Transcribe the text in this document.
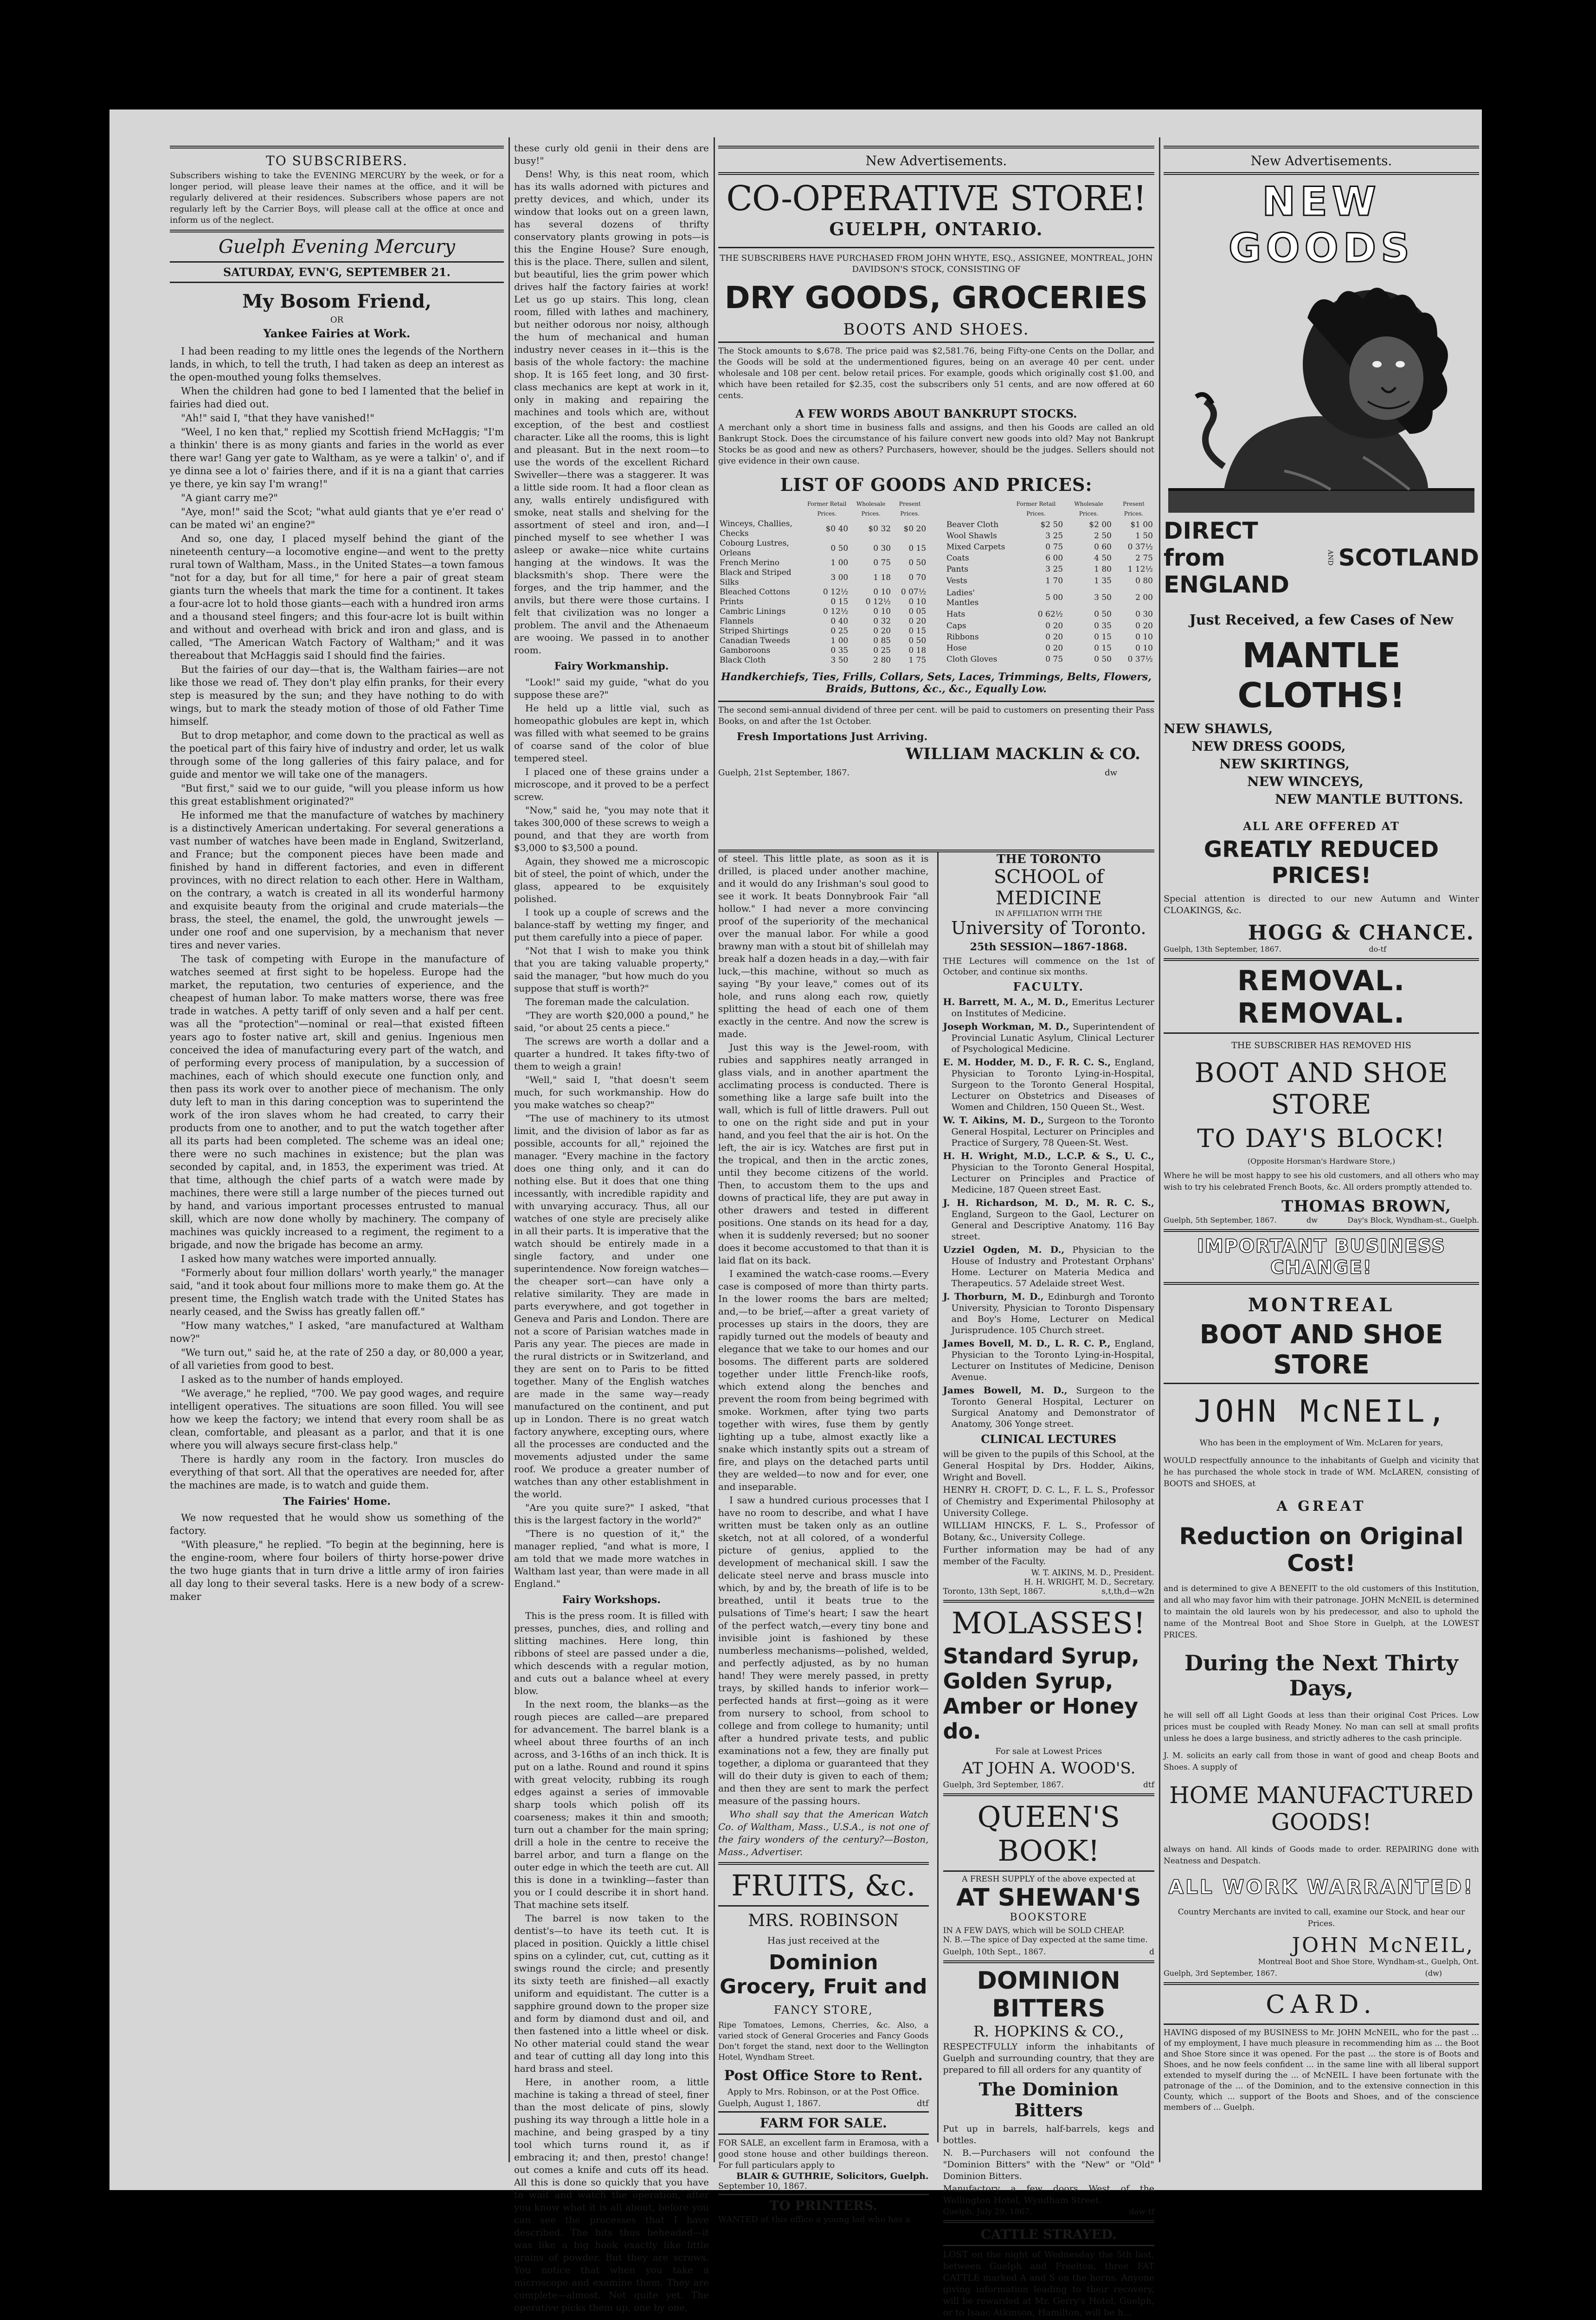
TO SUBSCRIBERS.

Subscribers wishing to take the EVENING MERCURY by the week, or for a longer period, will please leave their names at the office, and it will be regularly delivered at their residences. Subscribers whose papers are not regularly left by the Carrier Boys, will please call at the office at once and inform us of the neglect.

Guelph Evening Mercury
SATURDAY, EVN'G, SEPTEMBER 21.
My Bosom Friend,
OR
Yankee Fairies at Work.

I had been reading to my little ones the legends of the Northern lands, in which, to tell the truth, I had taken as deep an interest as the open-mouthed young folks themselves.

When the children had gone to bed I lamented that the belief in fairies had died out.

"Ah!" said I, "that they have vanished!"

"Weel, I no ken that," replied my Scottish friend McHaggis; "I'm a thinkin' there is as mony giants and faries in the world as ever there war! Gang yer gate to Waltham, as ye were a talkin' o', and if ye dinna see a lot o' fairies there, and if it is na a giant that carries ye there, ye kin say I'm wrang!"

"A giant carry me?"

"Aye, mon!" said the Scot; "what auld giants that ye e'er read o' can be mated wi' an engine?"

And so, one day, I placed myself behind the giant of the nineteenth century—a locomotive engine—and went to the pretty rural town of Waltham, Mass., in the United States—a town famous "not for a day, but for all time," for here a pair of great steam giants turn the wheels that mark the time for a continent. It takes a four-acre lot to hold those giants—each with a hundred iron arms and a thousand steel fingers; and this four-acre lot is built within and without and overhead with brick and iron and glass, and is called, "The American Watch Factory of Waltham;" and it was thereabout that McHaggis said I should find the fairies.

But the fairies of our day—that is, the Waltham fairies—are not like those we read of. They don't play elfin pranks, for their every step is measured by the sun; and they have nothing to do with wings, but to mark the steady motion of those of old Father Time himself.

But to drop metaphor, and come down to the practical as well as the poetical part of this fairy hive of industry and order, let us walk through some of the long galleries of this fairy palace, and for guide and mentor we will take one of the managers.

"But first," said we to our guide, "will you please inform us how this great establishment originated?"

He informed me that the manufacture of watches by machinery is a distinctively American undertaking. For several generations a vast number of watches have been made in England, Switzerland, and France; but the component pieces have been made and finished by hand in different factories, and even in different provinces, with no direct relation to each other. Here in Waltham, on the contrary, a watch is created in all its wonderful harmony and exquisite beauty from the original and crude materials—the brass, the steel, the enamel, the gold, the unwrought jewels —under one roof and one supervision, by a mechanism that never tires and never varies.

The task of competing with Europe in the manufacture of watches seemed at first sight to be hopeless. Europe had the market, the reputation, two centuries of experience, and the cheapest of human labor. To make matters worse, there was free trade in watches. A petty tariff of only seven and a half per cent. was all the "protection"—nominal or real—that existed fifteen years ago to foster native art, skill and genius. Ingenious men conceived the idea of manufacturing every part of the watch, and of performing every process of manipulation, by a succession of machines, each of which should execute one function only, and then pass its work over to another piece of mechanism. The only duty left to man in this daring conception was to superintend the work of the iron slaves whom he had created, to carry their products from one to another, and to put the watch together after all its parts had been completed. The scheme was an ideal one; there were no such machines in existence; but the plan was seconded by capital, and, in 1853, the experiment was tried. At that time, although the chief parts of a watch were made by machines, there were still a large number of the pieces turned out by hand, and various important processes entrusted to manual skill, which are now done wholly by machinery. The company of machines was quickly increased to a regiment, the regiment to a brigade, and now the brigade has become an army.

I asked how many watches were imported annually.

"Formerly about four million dollars' worth yearly," the manager said, "and it took about four millions more to make them go. At the present time, the English watch trade with the United States has nearly ceased, and the Swiss has greatly fallen off."

"How many watches," I asked, "are manufactured at Waltham now?"

"We turn out," said he, at the rate of 250 a day, or 80,000 a year, of all varieties from good to best.

I asked as to the number of hands employed.

"We average," he replied, "700. We pay good wages, and require intelligent operatives. The situations are soon filled. You will see how we keep the factory; we intend that every room shall be as clean, comfortable, and pleasant as a parlor, and that it is one where you will always secure first-class help."

There is hardly any room in the factory. Iron muscles do everything of that sort. All that the operatives are needed for, after the machines are made, is to watch and guide them.

The Fairies' Home.

We now requested that he would show us something of the factory.

"With pleasure," he replied. "To begin at the beginning, here is the engine-room, where four boilers of thirty horse-power drive the two huge giants that in turn drive a little army of iron fairies all day long to their several tasks. Here is a new body of a screw-maker

these curly old genii in their dens are busy!"

Dens! Why, is this neat room, which has its walls adorned with pictures and pretty devices, and which, under its window that looks out on a green lawn, has several dozens of thrifty conservatory plants growing in pots—is this the Engine House? Sure enough, this is the place. There, sullen and silent, but beautiful, lies the grim power which drives half the factory fairies at work! Let us go up stairs. This long, clean room, filled with lathes and machinery, but neither odorous nor noisy, although the hum of mechanical and human industry never ceases in it—this is the basis of the whole factory: the machine shop. It is 165 feet long, and 30 first-class mechanics are kept at work in it, only in making and repairing the machines and tools which are, without exception, of the best and costliest character. Like all the rooms, this is light and pleasant. But in the next room—to use the words of the excellent Richard Swiveller—there was a staggerer. It was a little side room. It had a floor clean as any, walls entirely undisfigured with smoke, neat stalls and shelving for the assortment of steel and iron, and—I pinched myself to see whether I was asleep or awake—nice white curtains hanging at the windows. It was the blacksmith's shop. There were the forges, and the trip hammer, and the anvils, but there were those curtains. I felt that civilization was no longer a problem. The anvil and the Athenaeum are wooing. We passed in to another room.

Fairy Workmanship.

"Look!" said my guide, "what do you suppose these are?"

He held up a little vial, such as homeopathic globules are kept in, which was filled with what seemed to be grains of coarse sand of the color of blue tempered steel.

I placed one of these grains under a microscope, and it proved to be a perfect screw.

"Now," said he, "you may note that it takes 300,000 of these screws to weigh a pound, and that they are worth from $3,000 to $3,500 a pound.

Again, they showed me a microscopic bit of steel, the point of which, under the glass, appeared to be exquisitely polished.

I took up a couple of screws and the balance-staff by wetting my finger, and put them carefully into a piece of paper.

"Not that I wish to make you think that you are taking valuable property," said the manager, "but how much do you suppose that stuff is worth?"

The foreman made the calculation.

"They are worth $20,000 a pound," he said, "or about 25 cents a piece."

The screws are worth a dollar and a quarter a hundred. It takes fifty-two of them to weigh a grain!

"Well," said I, "that doesn't seem much, for such workmanship. How do you make watches so cheap?"

"The use of machinery to its utmost limit, and the division of labor as far as possible, accounts for all," rejoined the manager. "Every machine in the factory does one thing only, and it can do nothing else. But it does that one thing incessantly, with incredible rapidity and with unvarying accuracy. Thus, all our watches of one style are precisely alike in all their parts. It is imperative that the watch should be entirely made in a single factory, and under one superintendence. Now foreign watches—the cheaper sort—can have only a relative similarity. They are made in parts everywhere, and got together in Geneva and Paris and London. There are not a score of Parisian watches made in Paris any year. The pieces are made in the rural districts or in Switzerland, and they are sent on to Paris to be fitted together. Many of the English watches are made in the same way—ready manufactured on the continent, and put up in London. There is no great watch factory anywhere, excepting ours, where all the processes are conducted and the movements adjusted under the same roof. We produce a greater number of watches than any other establishment in the world.

"Are you quite sure?" I asked, "that this is the largest factory in the world?"

"There is no question of it," the manager replied, "and what is more, I am told that we made more watches in Waltham last year, than were made in all England."

Fairy Workshops.

This is the press room. It is filled with presses, punches, dies, and rolling and slitting machines. Here long, thin ribbons of steel are passed under a die, which descends with a regular motion, and cuts out a balance wheel at every blow.

In the next room, the blanks—as the rough pieces are called—are prepared for advancement. The barrel blank is a wheel about three fourths of an inch across, and 3-16ths of an inch thick. It is put on a lathe. Round and round it spins with great velocity, rubbing its rough edges against a series of immovable sharp tools which polish off its coarseness; makes it thin and smooth; turn out a chamber for the main spring; drill a hole in the centre to receive the barrel arbor, and turn a flange on the outer edge in which the teeth are cut. All this is done in a twinkling—faster than you or I could describe it in short hand. That machine sets itself.

The barrel is now taken to the dentist's—to have its teeth cut. It is placed in position. Quickly a little chisel spins on a cylinder, cut, cut, cutting as it swings round the circle; and presently its sixty teeth are finished—all exactly uniform and equidistant. The cutter is a sapphire ground down to the proper size and form by diamond dust and oil, and then fastened into a little wheel or disk. No other material could stand the wear and tear of cutting all day long into this hard brass and steel.

Here, in another room, a little machine is taking a thread of steel, finer than the most delicate of pins, slowly pushing its way through a little hole in a machine, and being grasped by a tiny tool which turns round it, as if embracing it; and then, presto! change! out comes a knife and cuts off its head. All this is done so quickly that you have to wait and watch the operation, after you know what it is all about, before you can see the processes that I have described. The bits thus beheaded—it was like a big hook exactly like little grains of powder. But they are screws. You notice that when you take a microscope and examine them. They are complete—almost. Not quite yet. The operative picks them up, one by one,

New Advertisements.
CO-OPERATIVE STORE!
GUELPH, ONTARIO.

THE SUBSCRIBERS HAVE PURCHASED FROM JOHN WHYTE, ESQ., ASSIGNEE, MONTREAL, JOHN DAVIDSON'S STOCK, CONSISTING OF

DRY GOODS, GROCERIES
BOOTS AND SHOES.

The Stock amounts to $,678. The price paid was $2,581.76, being Fifty-one Cents on the Dollar, and the Goods will be sold at the undermentioned figures, being on an average 40 per cent. under wholesale and 108 per cent. below retail prices. For example, goods which originally cost $1.00, and which have been retailed for $2.35, cost the subscribers only 51 cents, and are now offered at 60 cents.

A FEW WORDS ABOUT BANKRUPT STOCKS.

A merchant only a short time in business falls and assigns, and then his Goods are called an old Bankrupt Stock. Does the circumstance of his failure convert new goods into old? May not Bankrupt Stocks be as good and new as others? Purchasers, however, should be the judges. Sellers should not give evidence in their own cause.

LIST OF GOODS AND PRICES:
	Former Retail Prices.	Wholesale Prices.	Present Prices.
Winceys, Challies, Checks	$0 40	$0 32	$0 20
Cobourg Lustres, Orleans	0 50	0 30	0 15
French Merino	1 00	0 75	0 50
Black and Striped Silks	3 00	1 18	0 70
Bleached Cottons	0 12½	0 10	0 07½
Prints	0 15	0 12½	0 10
Cambric Linings	0 12½	0 10	0 05
Flannels	0 40	0 32	0 20
Striped Shirtings	0 25	0 20	0 15
Canadian Tweeds	1 00	0 85	0 50
Gamboroons	0 35	0 25	0 18
Black Cloth	3 50	2 80	1 75
	Former Retail Prices.	Wholesale Prices.	Present Prices.
Beaver Cloth	$2 50	$2 00	$1 00
Wool Shawls	3 25	2 50	1 50
Mixed Carpets	0 75	0 60	0 37½
Coats	6 00	4 50	2 75
Pants	3 25	1 80	1 12½
Vests	1 70	1 35	0 80
Ladies' Mantles	5 00	3 50	2 00
Hats	0 62½	0 50	0 30
Caps	0 20	0 35	0 20
Ribbons	0 20	0 15	0 10
Hose	0 20	0 15	0 10
Cloth Gloves	0 75	0 50	0 37½

Handkerchiefs, Ties, Frills, Collars, Sets, Laces, Trimmings, Belts, Flowers, Braids, Buttons, &c., &c., Equally Low.

The second semi-annual dividend of three per cent. will be paid to customers on presenting their Pass Books, on and after the 1st October.

Fresh Importations Just Arriving.
WILLIAM MACKLIN & CO.
Guelph, 21st September, 1867.	dw

of steel. This little plate, as soon as it is drilled, is placed under another machine, and it would do any Irishman's soul good to see it work. It beats Donnybrook Fair "all hollow." I had never a more convincing proof of the superiority of the mechanical over the manual labor. For while a good brawny man with a stout bit of shillelah may break half a dozen heads in a day,—with fair luck,—this machine, without so much as saying "By your leave," comes out of its hole, and runs along each row, quietly splitting the head of each one of them exactly in the centre. And now the screw is made.

Just this way is the Jewel-room, with rubies and sapphires neatly arranged in glass vials, and in another apartment the acclimating process is conducted. There is something like a large safe built into the wall, which is full of little drawers. Pull out to one on the right side and put in your hand, and you feel that the air is hot. On the left, the air is icy. Watches are first put in the tropical, and then in the arctic zones, until they become citizens of the world. Then, to accustom them to the ups and downs of practical life, they are put away in other drawers and tested in different positions. One stands on its head for a day, when it is suddenly reversed; but no sooner does it become accustomed to that than it is laid flat on its back.

I examined the watch-case rooms.—Every case is composed of more than thirty parts. In the lower rooms the bars are melted; and,—to be brief,—after a great variety of processes up stairs in the doors, they are rapidly turned out the models of beauty and elegance that we take to our homes and our bosoms. The different parts are soldered together under little French-like roofs, which extend along the benches and prevent the room from being begrimed with smoke. Workmen, after tying two parts together with wires, fuse them by gently lighting up a tube, almost exactly like a snake which instantly spits out a stream of fire, and plays on the detached parts until they are welded—to now and for ever, one and inseparable.

I saw a hundred curious processes that I have no room to describe, and what I have written must be taken only as an outline sketch, not at all colored, of a wonderful picture of genius, applied to the development of mechanical skill. I saw the delicate steel nerve and brass muscle into which, by and by, the breath of life is to be breathed, until it beats true to the pulsations of Time's heart; I saw the heart of the perfect watch,—every tiny bone and invisible joint is fashioned by these numberless mechanisms—polished, welded, and perfectly adjusted, as by no human hand! They were merely passed, in pretty trays, by skilled hands to inferior work—perfected hands at first—going as it were from nursery to school, from school to college and from college to humanity; until after a hundred private tests, and public examinations not a few, they are finally put together, a diploma or guaranteed that they will do their duty is given to each of them; and then they are sent to mark the perfect measure of the passing hours.

Who shall say that the American Watch Co. of Waltham, Mass., U.S.A., is not one of the fairy wonders of the century?—Boston, Mass., Advertiser.

FRUITS, &c.
MRS. ROBINSON
Has just received at the
Dominion Grocery, Fruit and
FANCY STORE,

Ripe Tomatoes, Lemons, Cherries, &c. Also, a varied stock of General Groceries and Fancy Goods Don't forget the stand, next door to the Wellington Hotel, Wyndham Street.

Post Office Store to Rent.

Apply to Mrs. Robinson, or at the Post Office.

Guelph, August 1, 1867.	dtf
FARM FOR SALE.

FOR SALE, an excellent farm in Eramosa, with a good stone house and other buildings thereon. For full particulars apply to

BLAIR & GUTHRIE, Solicitors, Guelph.
September 10, 1867.
TO PRINTERS.

WANTED at this office a young lad who has a

THE TORONTO
SCHOOL of MEDICINE
IN AFFILIATION WITH THE
University of Toronto.
25th SESSION—1867-1868.

THE Lectures will commence on the 1st of October, and continue six months.

FACULTY.

H. Barrett, M. A., M. D., Emeritus Lecturer on Institutes of Medicine.

Joseph Workman, M. D., Superintendent of Provincial Lunatic Asylum, Clinical Lecturer of Psychological Medicine.

E. M. Hodder, M. D., F. R. C. S., England, Physician to Toronto Lying-in-Hospital, Surgeon to the Toronto General Hospital, Lecturer on Obstetrics and Diseases of Women and Children, 150 Queen St., West.

W. T. Aikins, M. D., Surgeon to the Toronto General Hospital, Lecturer on Principles and Practice of Surgery, 78 Queen-St. West.

H. H. Wright, M.D., L.C.P. & S., U. C., Physician to the Toronto General Hospital, Lecturer on Principles and Practice of Medicine, 187 Queen street East.

J. H. Richardson, M. D., M. R. C. S., England, Surgeon to the Gaol, Lecturer on General and Descriptive Anatomy. 116 Bay street.

Uzziel Ogden, M. D., Physician to the House of Industry and Protestant Orphans' Home. Lecturer on Materia Medica and Therapeutics. 57 Adelaide street West.

J. Thorburn, M. D., Edinburgh and Toronto University, Physician to Toronto Dispensary and Boy's Home, Lecturer on Medical Jurisprudence. 105 Church street.

James Bovell, M. D., L. R. C. P., England, Physician to the Toronto Lying-in-Hospital, Lecturer on Institutes of Medicine, Denison Avenue.

James Bowell, M. D., Surgeon to the Toronto General Hospital, Lecturer on Surgical Anatomy and Demonstrator of Anatomy, 306 Yonge street.

CLINICAL LECTURES

will be given to the pupils of this School, at the General Hospital by Drs. Hodder, Aikins, Wright and Bovell.

HENRY H. CROFT, D. C. L., F. L. S., Professor of Chemistry and Experimental Philosophy at University College.

WILLIAM HINCKS, F. L. S., Professor of Botany, &c., University College.

Further information may be had of any member of the Faculty.

W. T. AIKINS, M. D., President.
H. H. WRIGHT, M. D., Secretary.
Toronto, 13th Sept, 1867.	s,t,th,d—w2n
MOLASSES!
Standard Syrup,
Golden Syrup,
Amber or Honey do.
For sale at Lowest Prices
AT JOHN A. WOOD'S.
Guelph, 3rd September, 1867.	dtf
QUEEN'S BOOK!
A FRESH SUPPLY of the above expected at
AT SHEWAN'S
BOOKSTORE
IN A FEW DAYS, which will be SOLD CHEAP.
N. B.—The spice of Day expected at the same time.
Guelph, 10th Sept., 1867.	d
DOMINION BITTERS
R. HOPKINS & CO.,

RESPECTFULLY inform the inhabitants of Guelph and surrounding country, that they are prepared to fill all orders for any quantity of

The Dominion Bitters

Put up in barrels, half-barrels, kegs and bottles.

N. B.—Purchasers will not confound the "Dominion Bitters" with the "New" or "Old" Dominion Bitters.

Manufactory a few doors West of the Wellington Hotel, Wyndham Street.

Guelph, July 29, 1867.	daw-tf
CATTLE STRAYED.

LOST on the night of Wednesday the 5th last, between Guelph and Freelton, three FAT CATTLE marked A and S on the horns. Anyone giving information leading to their recovery, will be rewarded at Mr. Gerry's Hotel, Guelph, or to Isaac Atkinson, Hamilton, will be h...

New Advertisements.
NEW GOODS
DIRECT from ENGLAND
AND SCOTLAND
Just Received, a few Cases of New
MANTLE CLOTHS!
NEW SHAWLS,
NEW DRESS GOODS,
NEW SKIRTINGS,
NEW WINCEYS,
NEW MANTLE BUTTONS.
ALL ARE OFFERED AT
GREATLY REDUCED PRICES!

Special attention is directed to our new Autumn and Winter CLOAKINGS, &c.

HOGG & CHANCE.
Guelph, 13th September, 1867.	do-tf
REMOVAL. REMOVAL.
THE SUBSCRIBER HAS REMOVED HIS
BOOT AND SHOE STORE
TO DAY'S BLOCK!
(Opposite Horsman's Hardware Store,)

Where he will be most happy to see his old customers, and all others who may wish to try his celebrated French Boots, &c. All orders promptly attended to.

THOMAS BROWN,
Guelph, 5th September, 1867.	dw	Day's Block, Wyndham-st., Guelph.
IMPORTANT BUSINESS CHANGE!
MONTREAL
BOOT AND SHOE STORE
JOHN McNEIL,
Who has been in the employment of Wm. McLaren for years,

WOULD respectfully announce to the inhabitants of Guelph and vicinity that he has purchased the whole stock in trade of WM. McLAREN, consisting of BOOTS and SHOES, at

A GREAT
Reduction on Original Cost!

and is determined to give A BENEFIT to the old customers of this Institution, and all who may favor him with their patronage. JOHN McNEIL is determined to maintain the old laurels won by his predecessor, and also to uphold the name of the Montreal Boot and Shoe Store in Guelph, at the LOWEST PRICES.

During the Next Thirty Days,

he will sell off all Light Goods at less than their original Cost Prices. Low prices must be coupled with Ready Money. No man can sell at small profits unless he does a large business, and strictly adheres to the cash principle.

J. M. solicits an early call from those in want of good and cheap Boots and Shoes. A supply of

HOME MANUFACTURED GOODS!

always on hand. All kinds of Goods made to order. REPAIRING done with Neatness and Despatch.

ALL WORK WARRANTED!

Country Merchants are invited to call, examine our Stock, and hear our Prices.

JOHN McNEIL,
Montreal Boot and Shoe Store, Wyndham-st., Guelph, Ont.
Guelph, 3rd September, 1867.	(dw)
CARD.

HAVING disposed of my BUSINESS to Mr. JOHN McNEIL, who for the past ... of my employment, I have much pleasure in recommending him as ... the Boot and Shoe Store since it was opened. For the past ... the store is of Boots and Shoes, and he now feels confident ... in the same line with all liberal support extended to myself during the ... of McNEIL. I have been fortunate with the patronage of the ... of the Dominion, and to the extensive connection in this County, which ... support of the Boots and Shoes, and of the conscience members of ... Guelph.
